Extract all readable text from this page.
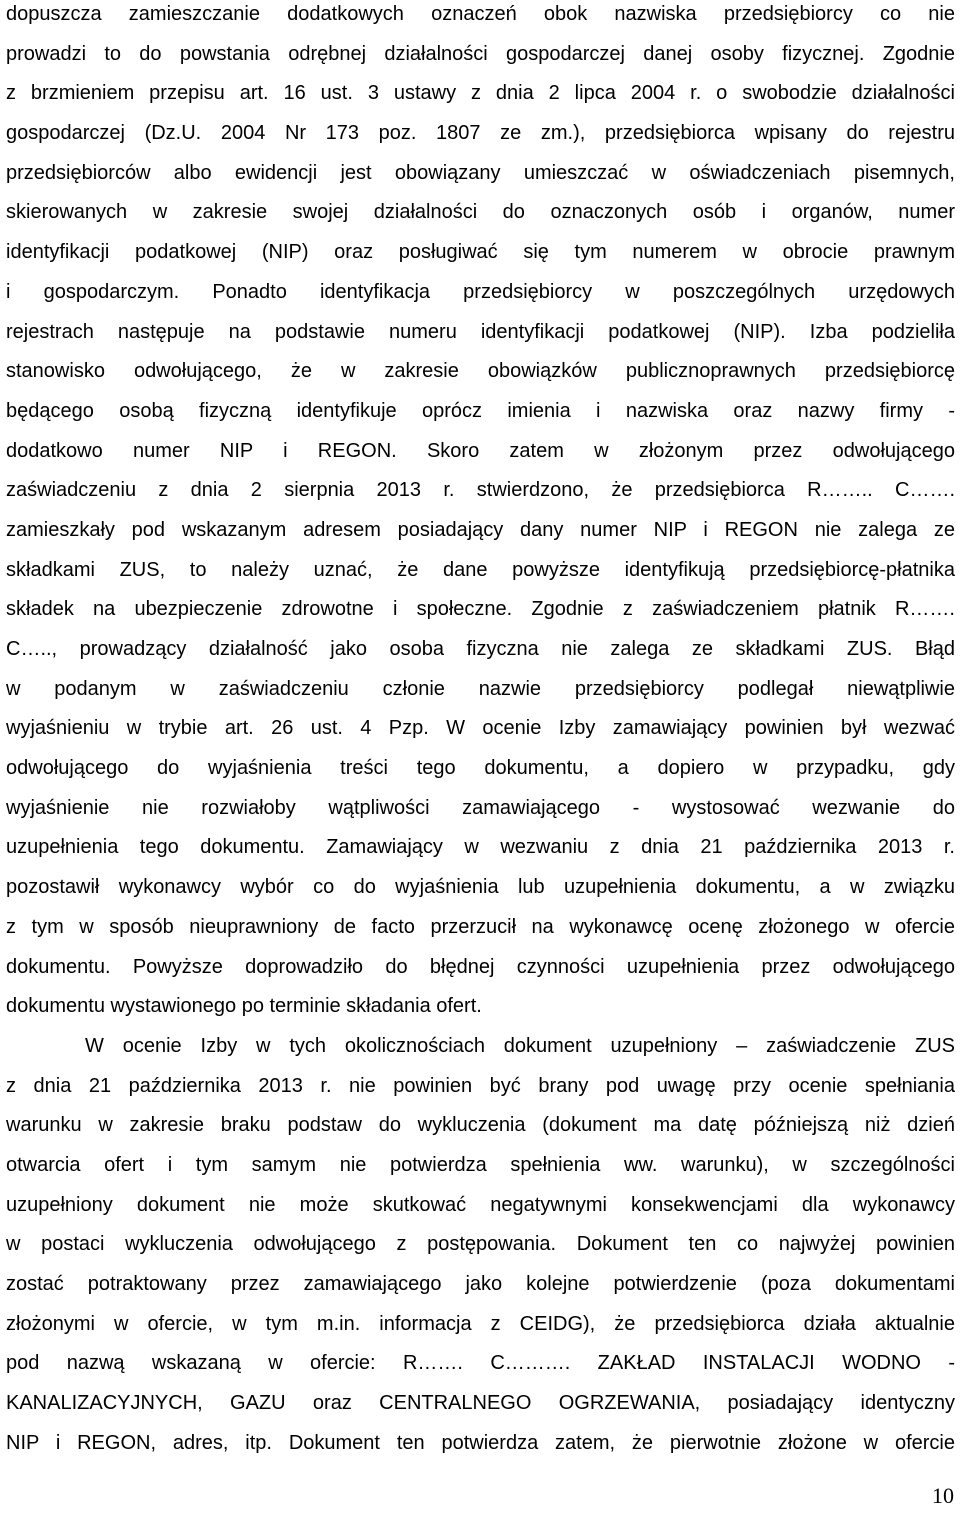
dopuszcza zamieszczanie dodatkowych oznaczeń obok nazwiska przedsiębiorcy co nie
prowadzi to do powstania odrębnej działalności gospodarczej danej osoby fizycznej. Zgodnie
z brzmieniem przepisu art. 16 ust. 3 ustawy z dnia 2 lipca 2004 r. o swobodzie działalności
gospodarczej (Dz.U. 2004 Nr 173 poz. 1807 ze zm.), przedsiębiorca wpisany do rejestru
przedsiębiorców albo ewidencji jest obowiązany umieszczać w oświadczeniach pisemnych,
skierowanych w zakresie swojej działalności do oznaczonych osób i organów, numer
identyfikacji podatkowej (NIP) oraz posługiwać się tym numerem w obrocie prawnym
i gospodarczym. Ponadto identyfikacja przedsiębiorcy w poszczególnych urzędowych
rejestrach następuje na podstawie numeru identyfikacji podatkowej (NIP). Izba podzieliła
stanowisko odwołującego, że w zakresie obowiązków publicznoprawnych przedsiębiorcę
będącego osobą fizyczną identyfikuje oprócz imienia i nazwiska oraz nazwy firmy -
dodatkowo numer NIP i REGON. Skoro zatem w złożonym przez odwołującego
zaświadczeniu z dnia 2 sierpnia 2013 r. stwierdzono, że przedsiębiorca R…….. C…….
zamieszkały pod wskazanym adresem posiadający dany numer NIP i REGON nie zalega ze
składkami ZUS, to należy uznać, że dane powyższe identyfikują przedsiębiorcę-płatnika
składek na ubezpieczenie zdrowotne i społeczne. Zgodnie z zaświadczeniem płatnik R…….
C….., prowadzący działalność jako osoba fizyczna nie zalega ze składkami ZUS. Błąd
w podanym w zaświadczeniu członie nazwie przedsiębiorcy podlegał niewątpliwie
wyjaśnieniu w trybie art. 26 ust. 4 Pzp. W ocenie Izby zamawiający powinien był wezwać
odwołującego do wyjaśnienia treści tego dokumentu, a dopiero w przypadku, gdy
wyjaśnienie nie rozwiałoby wątpliwości zamawiającego - wystosować wezwanie do
uzupełnienia tego dokumentu. Zamawiający w wezwaniu z dnia 21 października 2013 r.
pozostawił wykonawcy wybór co do wyjaśnienia lub uzupełnienia dokumentu, a w związku
z tym w sposób nieuprawniony de facto przerzucił na wykonawcę ocenę złożonego w ofercie
dokumentu. Powyższe doprowadziło do błędnej czynności uzupełnienia przez odwołującego
dokumentu wystawionego po terminie składania ofert.
W ocenie Izby w tych okolicznościach dokument uzupełniony – zaświadczenie ZUS
z dnia 21 października 2013 r. nie powinien być brany pod uwagę przy ocenie spełniania
warunku w zakresie braku podstaw do wykluczenia (dokument ma datę późniejszą niż dzień
otwarcia ofert i tym samym nie potwierdza spełnienia ww. warunku), w szczególności
uzupełniony dokument nie może skutkować negatywnymi konsekwencjami dla wykonawcy
w postaci wykluczenia odwołującego z postępowania. Dokument ten co najwyżej powinien
zostać potraktowany przez zamawiającego jako kolejne potwierdzenie (poza dokumentami
złożonymi w ofercie, w tym m.in. informacja z CEIDG), że przedsiębiorca działa aktualnie
pod nazwą wskazaną w ofercie: R……. C………. ZAKŁAD INSTALACJI WODNO -
KANALIZACYJNYCH, GAZU oraz CENTRALNEGO OGRZEWANIA, posiadający identyczny
NIP i REGON, adres, itp. Dokument ten potwierdza zatem, że pierwotnie złożone w ofercie
10
